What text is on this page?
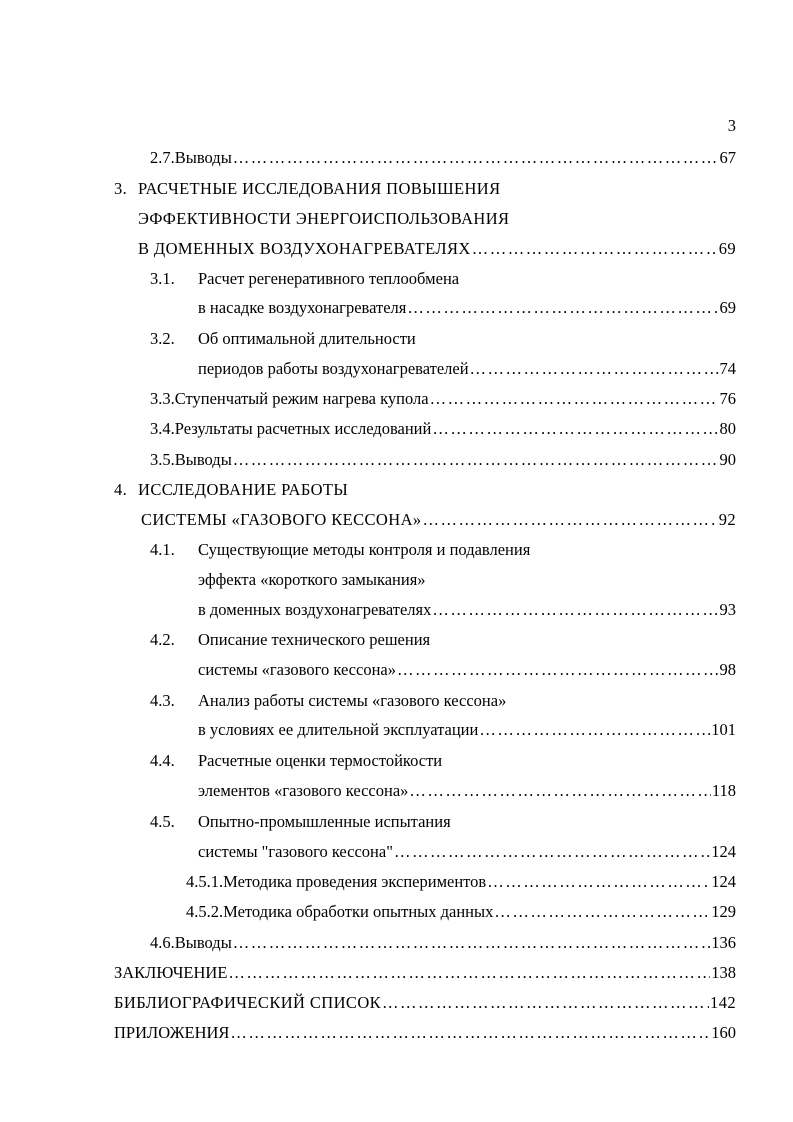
3
2.7. Выводы ……………………………………………………………………………………………………………………………………………………………………	67
3. РАСЧЕТНЫЕ ИССЛЕДОВАНИЯ ПОВЫШЕНИЯ
ЭФФЕКТИВНОСТИ ЭНЕРГОИСПОЛЬЗОВАНИЯ
В ДОМЕННЫХ ВОЗДУХОНАГРЕВАТЕЛЯХ ……………………………………………………………………………………………………………………………………………………………………	69
3.1.	Расчет регенеративного теплообмена
в насадке воздухонагревателя ……………………………………………………………………………………………………………………………………………………………………	69
3.2.	Об оптимальной длительности
периодов работы воздухонагревателей ……………………………………………………………………………………………………………………………………………………………………	74
3.3. Ступенчатый режим нагрева купола ……………………………………………………………………………………………………………………………………………………………………	76
3.4. Результаты расчетных исследований ……………………………………………………………………………………………………………………………………………………………………	80
3.5. Выводы ……………………………………………………………………………………………………………………………………………………………………	90
4. ИССЛЕДОВАНИЕ РАБОТЫ
СИСТЕМЫ «ГАЗОВОГО КЕССОНА» ……………………………………………………………………………………………………………………………………………………………………	92
4.1.	Существующие методы контроля и подавления
эффекта «короткого замыкания»
в доменных воздухонагревателях ……………………………………………………………………………………………………………………………………………………………………	93
4.2.	Описание технического решения
системы «газового кессона» ……………………………………………………………………………………………………………………………………………………………………	98
4.3.	Анализ работы системы «газового кессона»
в условиях ее длительной эксплуатации ……………………………………………………………………………………………………………………………………………………………………	101
4.4.	Расчетные оценки термостойкости
элементов «газового кессона» ……………………………………………………………………………………………………………………………………………………………………	118
4.5.	Опытно-промышленные испытания
системы "газового кессона" ……………………………………………………………………………………………………………………………………………………………………	124
4.5.1. Методика проведения экспериментов ……………………………………………………………………………………………………………………………………………………………………	124
4.5.2. Методика обработки опытных данных ……………………………………………………………………………………………………………………………………………………………………	129
4.6. Выводы ……………………………………………………………………………………………………………………………………………………………………	136
ЗАКЛЮЧЕНИЕ ……………………………………………………………………………………………………………………………………………………………………	138
БИБЛИОГРАФИЧЕСКИЙ СПИСОК ……………………………………………………………………………………………………………………………………………………………………	142
ПРИЛОЖЕНИЯ ……………………………………………………………………………………………………………………………………………………………………	160
